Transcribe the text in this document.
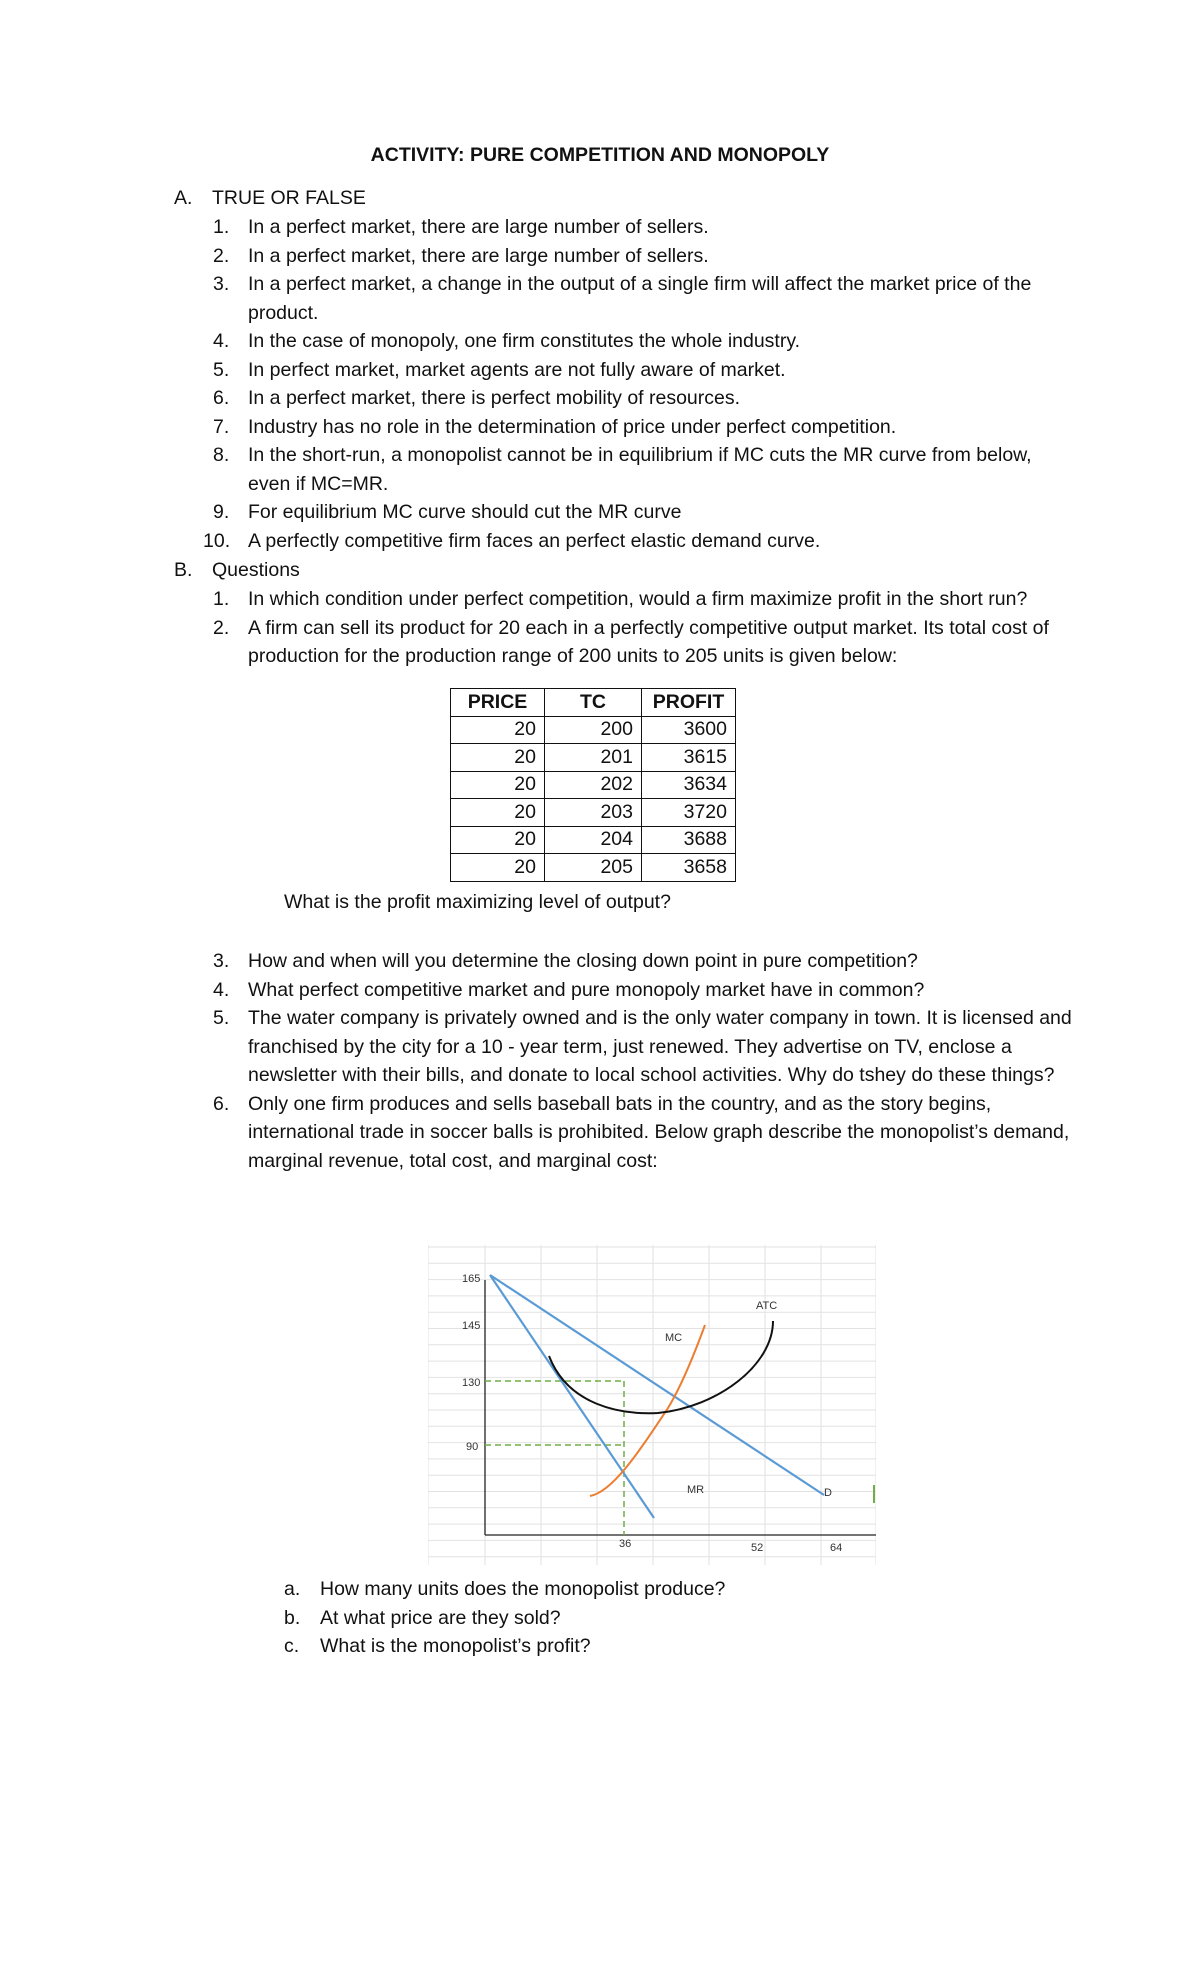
ACTIVITY: PURE COMPETITION AND MONOPOLY
A. TRUE OR FALSE
1. In a perfect market, there are large number of sellers.
2. In a perfect market, there are large number of sellers.
3. In a perfect market, a change in the output of a single firm will affect the market price of the product.
4. In the case of monopoly, one firm constitutes the whole industry.
5. In perfect market, market agents are not fully aware of market.
6. In a perfect market, there is perfect mobility of resources.
7. Industry has no role in the determination of price under perfect competition.
8. In the short-run, a monopolist cannot be in equilibrium if MC cuts the MR curve from below, even if MC=MR.
9. For equilibrium MC curve should cut the MR curve
10. A perfectly competitive firm faces an perfect elastic demand curve.
B. Questions
1. In which condition under perfect competition, would a firm maximize profit in the short run?
2. A firm can sell its product for 20 each in a perfectly competitive output market. Its total cost of production for the production range of 200 units to 205 units is given below:
PRICE	TC	PROFIT
20	200	3600
20	201	3615
20	202	3634
20	203	3720
20	204	3688
20	205	3658
What is the profit maximizing level of output?
3. How and when will you determine the closing down point in pure competition?
4. What perfect competitive market and pure monopoly market have in common?
5. The water company is privately owned and is the only water company in town. It is licensed and franchised by the city for a 10 - year term, just renewed. They advertise on TV, enclose a newsletter with their bills, and donate to local school activities. Why do tshey do these things?
6. Only one firm produces and sells baseball bats in the country, and as the story begins, international trade in soccer balls is prohibited. Below graph describe the monopolist’s demand, marginal revenue, total cost, and marginal cost:
165
145
130
90
36	52	64
ATC
MC
MR	D
a. How many units does the monopolist produce?
b. At what price are they sold?
c. What is the monopolist’s profit?
